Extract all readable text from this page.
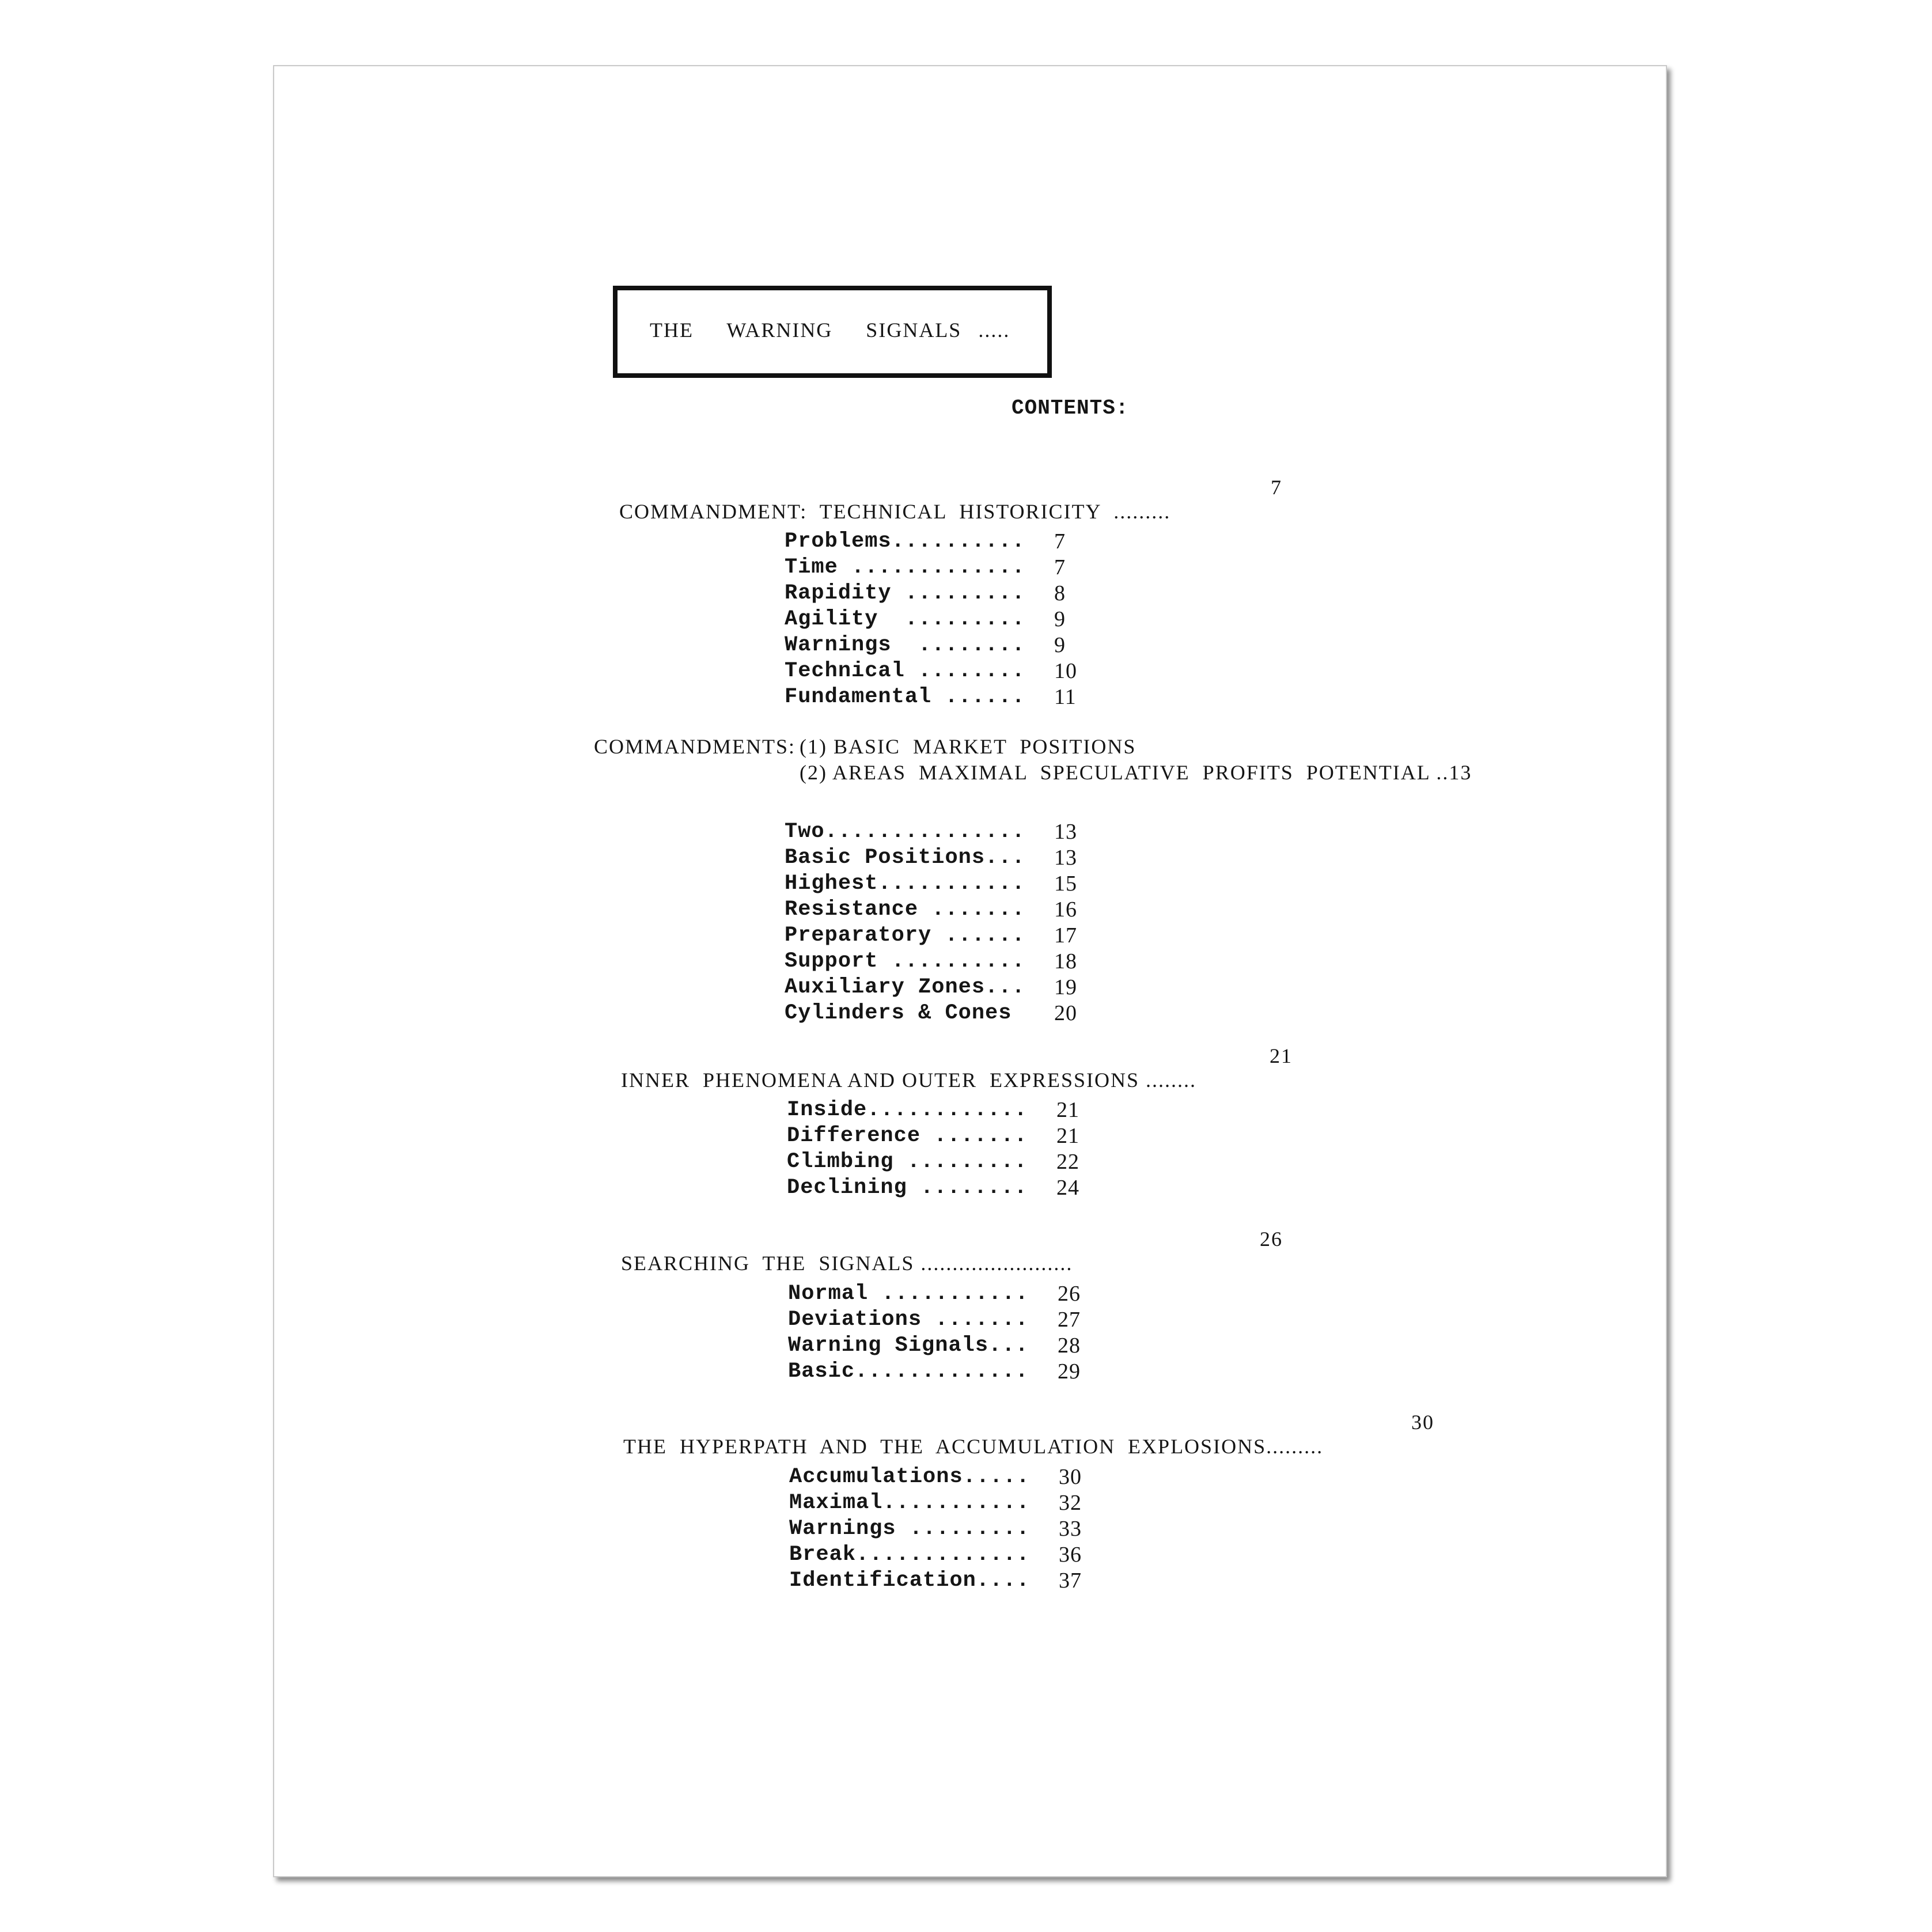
THE  WARNING  SIGNALS .....
CONTENTS:

COMMANDMENT:  TECHNICAL  HISTORICITY  .........

7

Problems.......... 7
Time ............. 7
Rapidity ......... 8
Agility  ......... 9
Warnings  ........ 9
Technical ........ 10
Fundamental ...... 11
COMMANDMENTS: (1) BASIC  MARKET  POSITIONS
(2) AREAS  MAXIMAL  SPECULATIVE  PROFITS  POTENTIAL ..13
Two............... 13
Basic Positions... 13
Highest........... 15
Resistance ....... 16
Preparatory ...... 17
Support .......... 18
Auxiliary Zones... 19
Cylinders & Cones 20

INNER  PHENOMENA AND OUTER  EXPRESSIONS ........

21

Inside............ 21
Difference ....... 21
Climbing ......... 22
Declining ........ 24

SEARCHING  THE  SIGNALS ........................

26

Normal ........... 26
Deviations ....... 27
Warning Signals... 28
Basic............. 29

THE  HYPERPATH  AND  THE  ACCUMULATION  EXPLOSIONS.........

30

Accumulations..... 30
Maximal........... 32
Warnings ......... 33
Break............. 36
Identification.... 37
